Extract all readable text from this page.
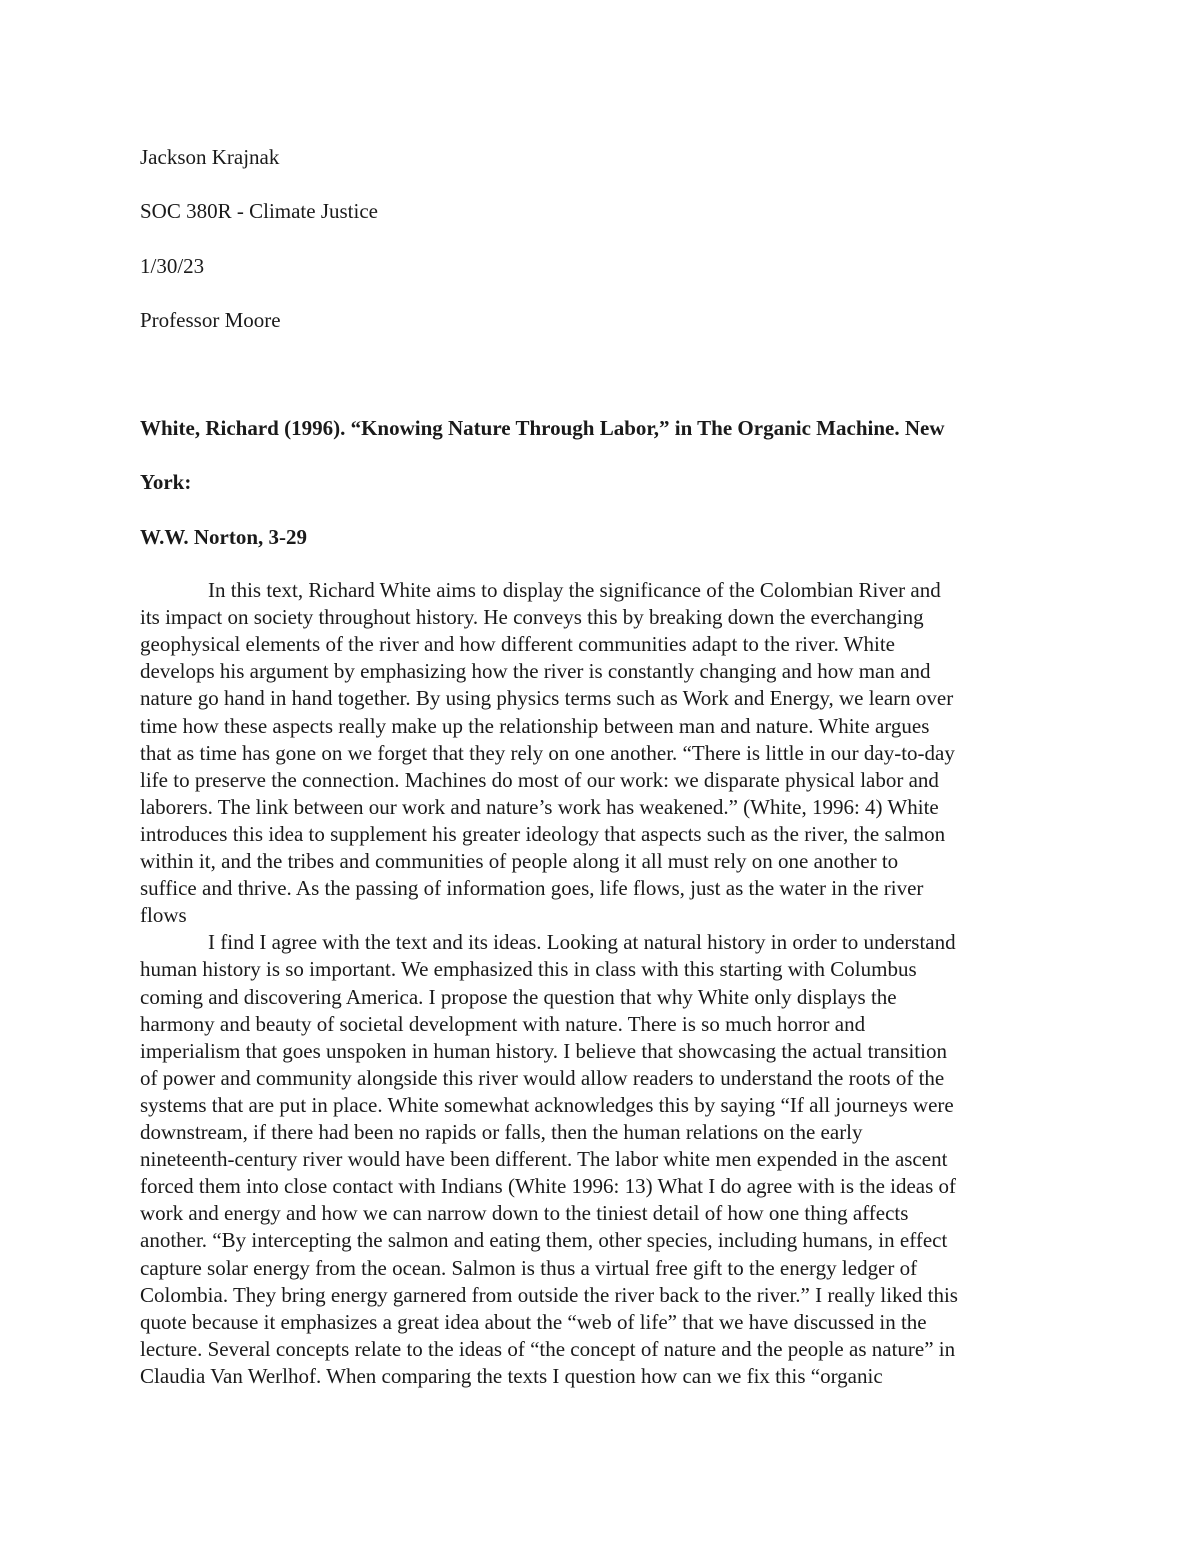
Jackson Krajnak
SOC 380R - Climate Justice
1/30/23
Professor Moore
White, Richard (1996). “Knowing Nature Through Labor,” in The Organic Machine. New
York:
W.W. Norton, 3-29
In this text, Richard White aims to display the significance of the Colombian River and
its impact on society throughout history. He conveys this by breaking down the everchanging
geophysical elements of the river and how different communities adapt to the river. White
develops his argument by emphasizing how the river is constantly changing and how man and
nature go hand in hand together. By using physics terms such as Work and Energy, we learn over
time how these aspects really make up the relationship between man and nature. White argues
that as time has gone on we forget that they rely on one another. “There is little in our day-to-day
life to preserve the connection. Machines do most of our work: we disparate physical labor and
laborers. The link between our work and nature’s work has weakened.” (White, 1996: 4) White
introduces this idea to supplement his greater ideology that aspects such as the river, the salmon
within it, and the tribes and communities of people along it all must rely on one another to
suffice and thrive. As the passing of information goes, life flows, just as the water in the river
flows
I find I agree with the text and its ideas. Looking at natural history in order to understand
human history is so important. We emphasized this in class with this starting with Columbus
coming and discovering America. I propose the question that why White only displays the
harmony and beauty of societal development with nature. There is so much horror and
imperialism that goes unspoken in human history. I believe that showcasing the actual transition
of power and community alongside this river would allow readers to understand the roots of the
systems that are put in place. White somewhat acknowledges this by saying “If all journeys were
downstream, if there had been no rapids or falls, then the human relations on the early
nineteenth-century river would have been different. The labor white men expended in the ascent
forced them into close contact with Indians (White 1996: 13) What I do agree with is the ideas of
work and energy and how we can narrow down to the tiniest detail of how one thing affects
another. “By intercepting the salmon and eating them, other species, including humans, in effect
capture solar energy from the ocean. Salmon is thus a virtual free gift to the energy ledger of
Colombia. They bring energy garnered from outside the river back to the river.” I really liked this
quote because it emphasizes a great idea about the “web of life” that we have discussed in the
lecture. Several concepts relate to the ideas of “the concept of nature and the people as nature” in
Claudia Van Werlhof. When comparing the texts I question how can we fix this “organic
